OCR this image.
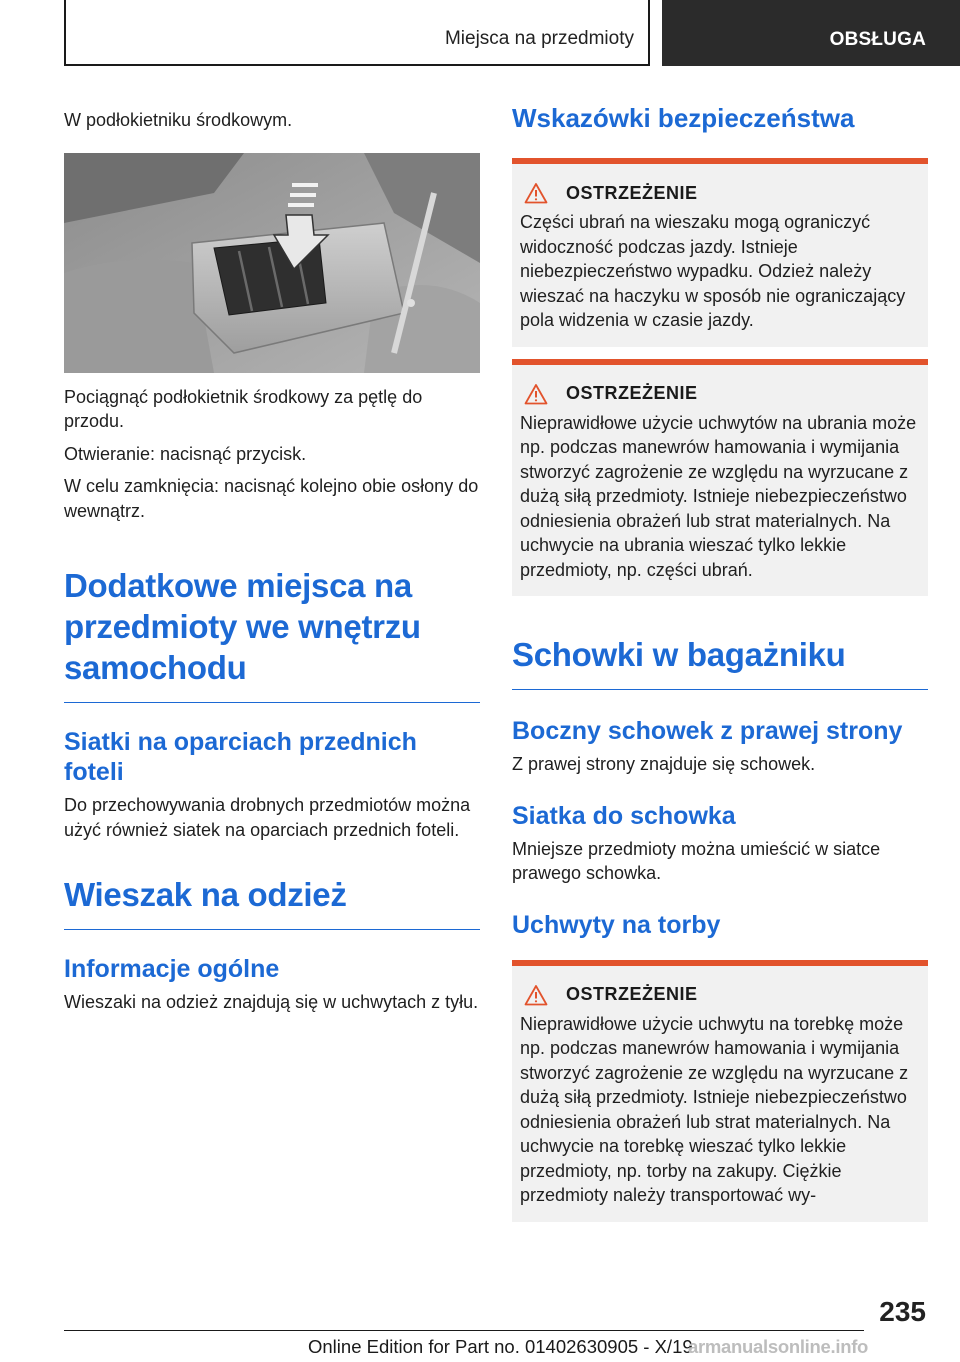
Miejsca na przedmioty	OBSŁUGA

W podłokietniku środkowym.

Pociągnąć podłokietnik środkowy za pętlę do przodu.

Otwieranie: nacisnąć przycisk.

W celu zamknięcia: nacisnąć kolejno obie osłony do wewnątrz.

Dodatkowe miejsca na przedmioty we wnętrzu samochodu
Siatki na oparciach przednich foteli

Do przechowywania drobnych przedmiotów można użyć również siatek na oparciach przednich foteli.

Wieszak na odzież
Informacje ogólne

Wieszaki na odzież znajdują się w uchwytach z tyłu.

Wskazówki bezpieczeństwa
OSTRZEŻENIE

Części ubrań na wieszaku mogą ograniczyć widoczność podczas jazdy. Istnieje niebezpieczeństwo wypadku. Odzież należy wieszać na haczyku w sposób nie ograniczający pola widzenia w czasie jazdy.

OSTRZEŻENIE

Nieprawidłowe użycie uchwytów na ubrania może np. podczas manewrów hamowania i wymijania stworzyć zagrożenie ze względu na wyrzucane z dużą siłą przedmioty. Istnieje niebezpieczeństwo odniesienia obrażeń lub strat materialnych. Na uchwycie na ubrania wieszać tylko lekkie przedmioty, np. części ubrań.

Schowki w bagażniku
Boczny schowek z prawej strony

Z prawej strony znajduje się schowek.

Siatka do schowka

Mniejsze przedmioty można umieścić w siatce prawego schowka.

Uchwyty na torby
OSTRZEŻENIE

Nieprawidłowe użycie uchwytu na torebkę może np. podczas manewrów hamowania i wymijania stworzyć zagrożenie ze względu na wyrzucane z dużą siłą przedmioty. Istnieje niebezpieczeństwo odniesienia obrażeń lub strat materialnych. Na uchwycie na torebkę wieszać tylko lekkie przedmioty, np. torby na zakupy. Ciężkie przedmioty należy transportować wy-

235
Online Edition for Part no. 01402630905 - X/19
armanualsonline.info
